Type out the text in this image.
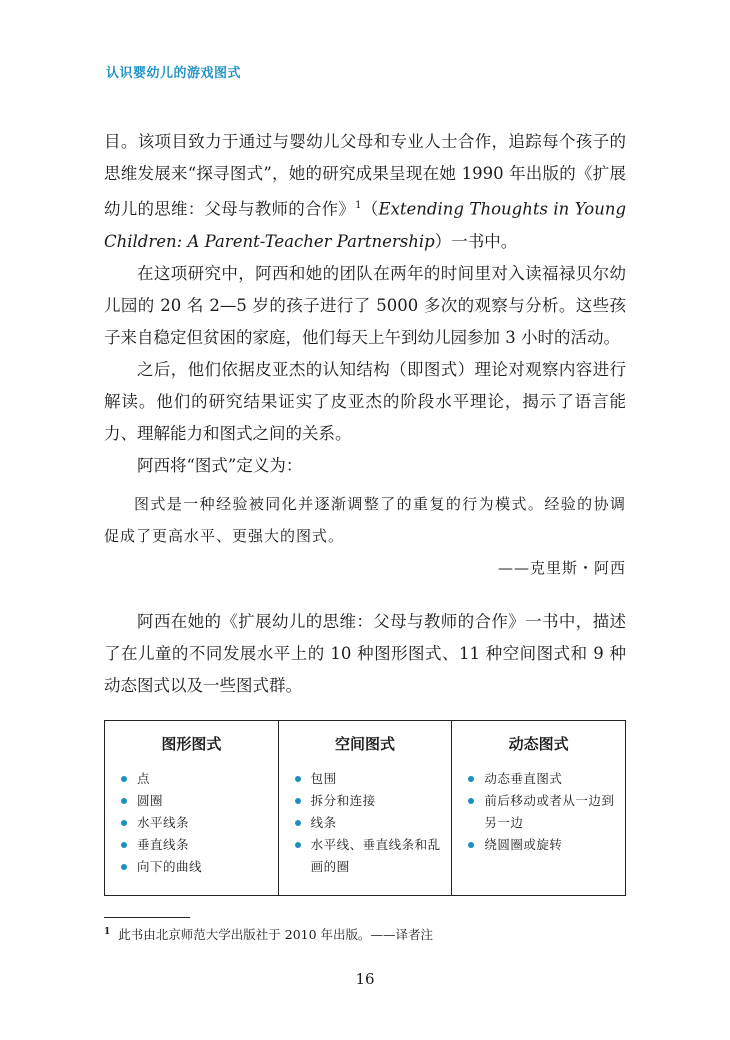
认识婴幼儿的游戏图式

目。该项目致力于通过与婴幼儿父母和专业人士合作，追踪每个孩子的思维发展来“探寻图式”，她的研究成果呈现在她 1990 年出版的《扩展幼儿的思维：父母与教师的合作》$^1$（Extending Thoughts in Young Children: A Parent-Teacher Partnership）一书中。

在这项研究中，阿西和她的团队在两年的时间里对入读福禄贝尔幼儿园的 20 名 2—5 岁的孩子进行了 5000 多次的观察与分析。这些孩子来自稳定但贫困的家庭，他们每天上午到幼儿园参加 3 小时的活动。

之后，他们依据皮亚杰的认知结构（即图式）理论对观察内容进行解读。他们的研究结果证实了皮亚杰的阶段水平理论，揭示了语言能力、理解能力和图式之间的关系。

阿西将“图式”定义为：

图式是一种经验被同化并逐渐调整了的重复的行为模式。经验的协调促成了更高水平、更强大的图式。
——克里斯・阿西

阿西在她的《扩展幼儿的思维：父母与教师的合作》一书中，描述了在儿童的不同发展水平上的 10 种图形图式、11 种空间图式和 9 种动态图式以及一些图式群。

图形图式
点
圆圈
水平线条
垂直线条
向下的曲线
空间图式
包围
拆分和连接
线条
水平线、垂直线条和乱画的圈
动态图式
动态垂直图式
前后移动或者从一边到另一边
绕圆圈或旋转
$^1$ 此书由北京师范大学出版社于 2010 年出版。——译者注
16
